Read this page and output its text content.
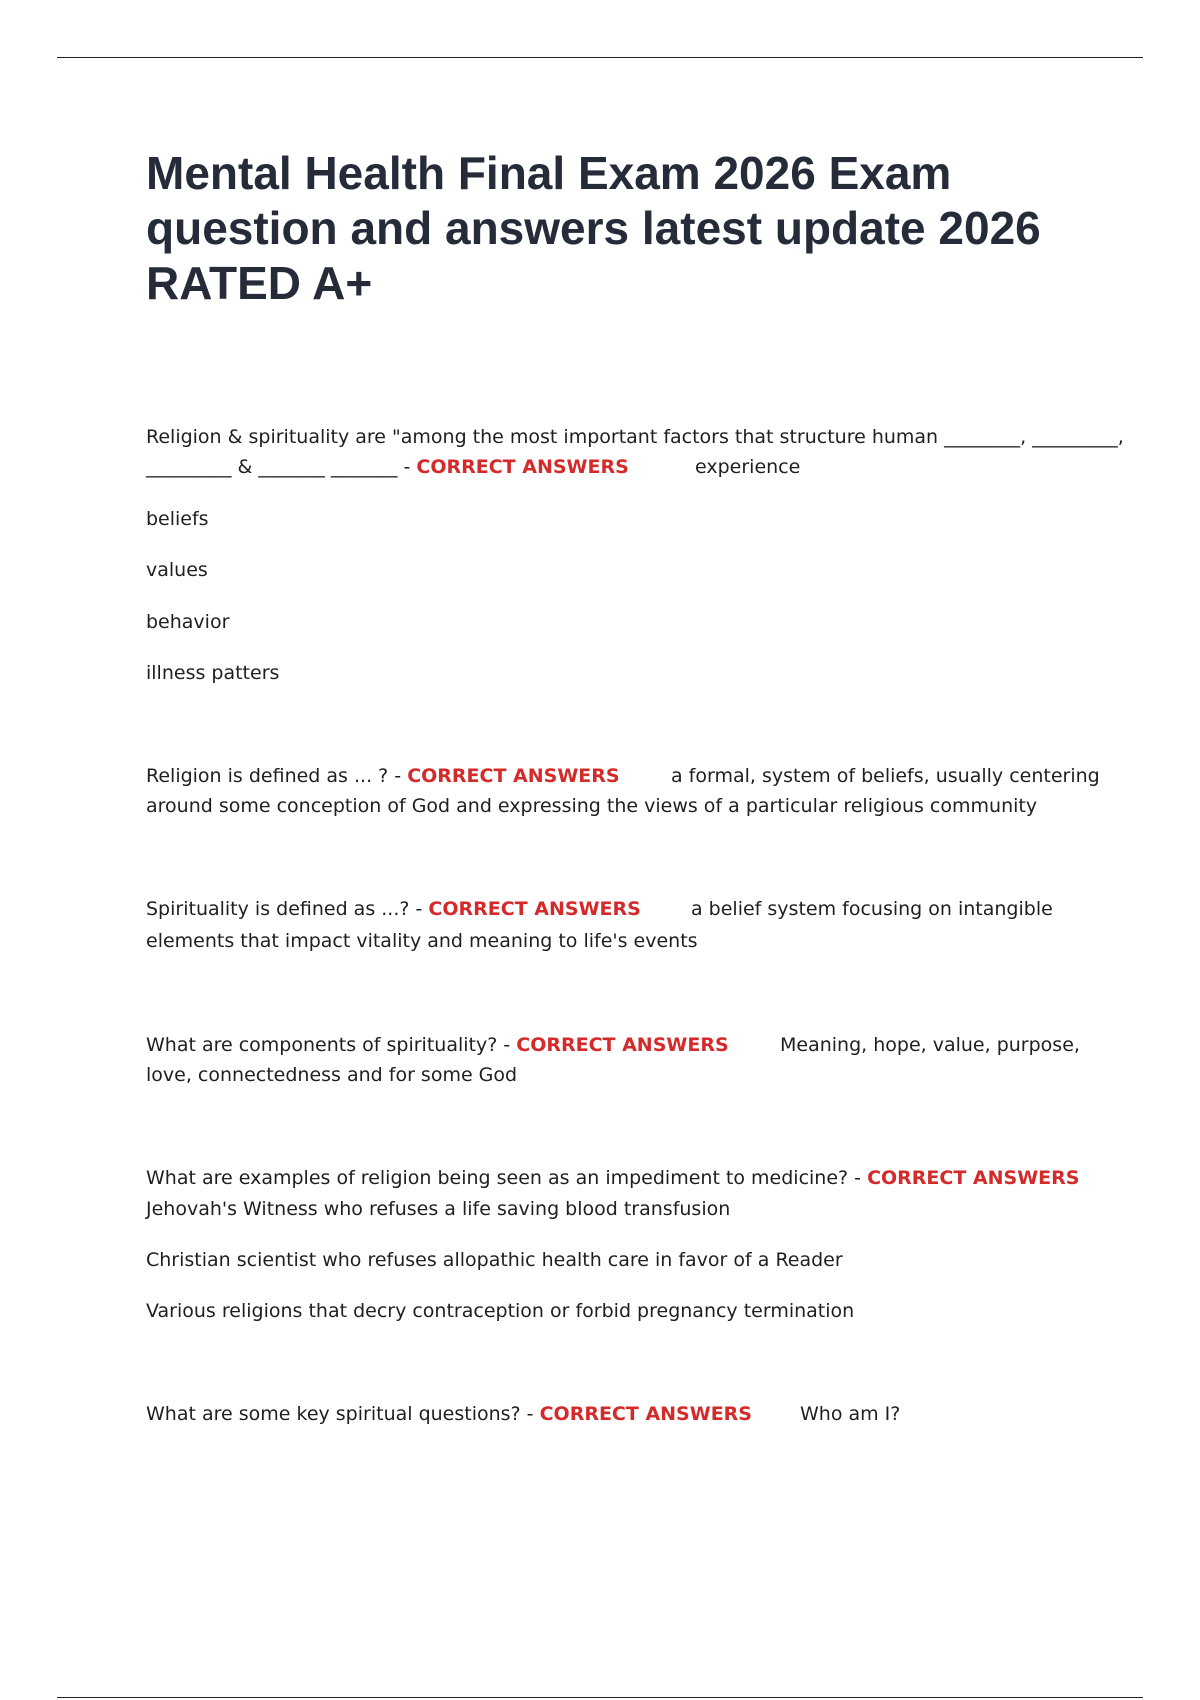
Mental Health Final Exam 2026 Exam question and answers latest update 2026 RATED A+

Religion & spirituality are "among the most important factors that structure human ________, _________,

_________ & _______ _______ - CORRECT ANSWERS	experience

beliefs

values

behavior

illness patters

Religion is defined as ... ? - CORRECT ANSWERS	a formal, system of beliefs, usually centering

around some conception of God and expressing the views of a particular religious community

Spirituality is defined as ...? - CORRECT ANSWERS	a belief system focusing on intangible

elements that impact vitality and meaning to life's events

What are components of spirituality? - CORRECT ANSWERS	Meaning, hope, value, purpose,

love, connectedness and for some God

What are examples of religion being seen as an impediment to medicine? - CORRECT ANSWERS

Jehovah's Witness who refuses a life saving blood transfusion

Christian scientist who refuses allopathic health care in favor of a Reader

Various religions that decry contraception or forbid pregnancy termination

What are some key spiritual questions? - CORRECT ANSWERS	Who am I?
